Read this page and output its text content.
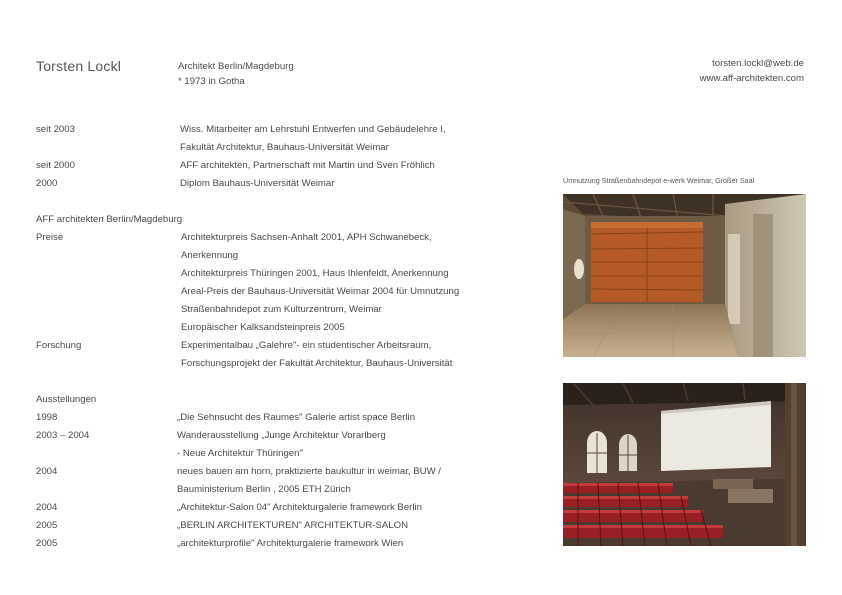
Torsten Lockl	Architekt Berlin/Magdeburg
* 1973 in Gotha
torsten.lockl@web.de
www.aff-architekten.com
seit 2003	Wiss. Mitarbeiter am Lehrstuhl Entwerfen und Gebäudelehre I,
Fakultät Architektur, Bauhaus-Universität Weimar
seit 2000	AFF architekten, Partnerschaft mit Martin und Sven Fröhlich
2000	Diplom Bauhaus-Universität Weimar
AFF architekten Berlin/Magdeburg
Preise	Architekturpreis Sachsen-Anhalt 2001, APH Schwanebeck,
Anerkennung
Architekturpreis Thüringen 2001, Haus Ihlenfeldt, Anerkennung
Areal-Preis der Bauhaus-Universität Weimar 2004 für Umnutzung
Straßenbahndepot zum Kulturzentrum, Weimar
Europäischer Kalksandsteinpreis 2005
Forschung	Experimentalbau „Galehre"- ein studentischer Arbeitsraum,
Forschungsprojekt der Fakultät Architektur, Bauhaus-Universität
Ausstellungen
1998	„Die Sehnsucht des Raumes" Galerie artist space Berlin
2003 – 2004	Wanderausstellung „Junge Architektur Vorarlberg
- Neue Architektur Thüringen"
2004	neues bauen am horn, praktizierte baukultur in weimar, BUW /
Bauministerium Berlin , 2005 ETH Zürich
2004	„Architektur-Salon 04" Architekturgalerie framework Berlin
2005	„BERLIN ARCHITEKTUREN" ARCHITEKTUR-SALON
2005	„architekturprofile" Architekturgalerie framework Wien
Umnutzung Straßenbahndepot e-werk Weimar, Großer Saal
